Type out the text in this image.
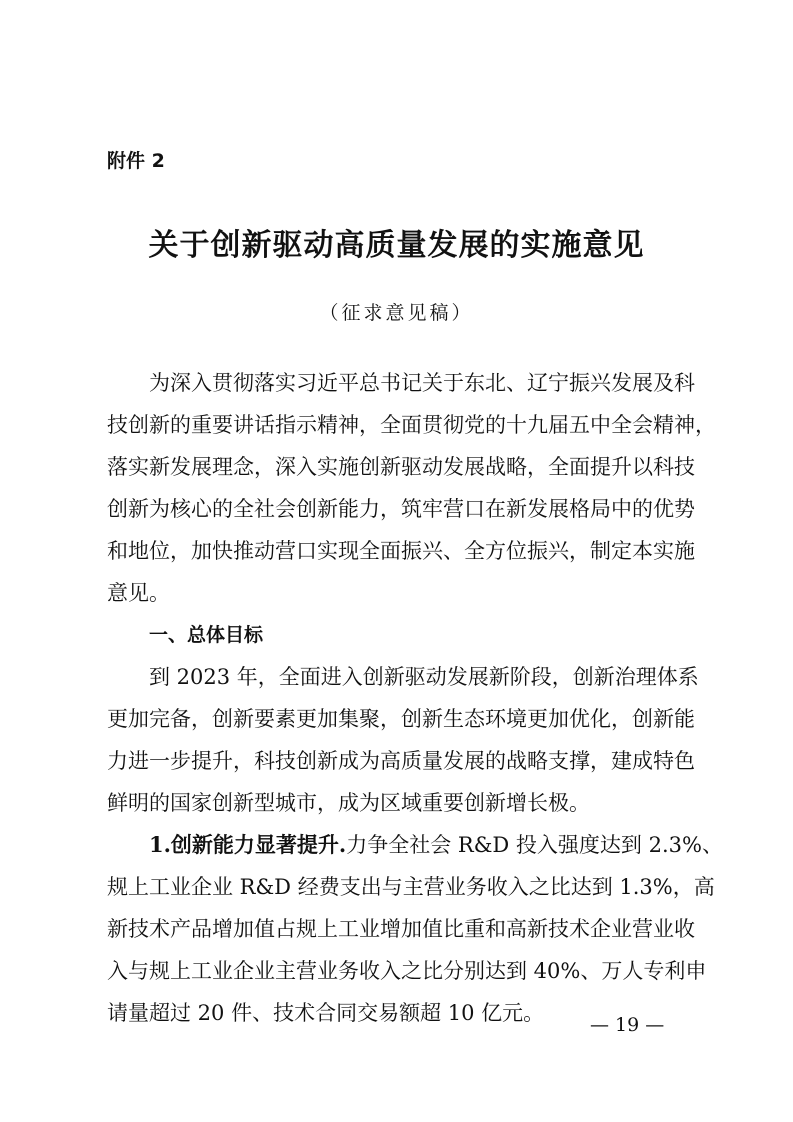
附件 2
关于创新驱动高质量发展的实施意见
（征求意见稿）
为深入贯彻落实习近平总书记关于东北、辽宁振兴发展及科
技创新的重要讲话指示精神，全面贯彻党的十九届五中全会精神，
落实新发展理念，深入实施创新驱动发展战略，全面提升以科技
创新为核心的全社会创新能力，筑牢营口在新发展格局中的优势
和地位，加快推动营口实现全面振兴、全方位振兴，制定本实施
意见。
一、总体目标
到 2023 年，全面进入创新驱动发展新阶段，创新治理体系
更加完备，创新要素更加集聚，创新生态环境更加优化，创新能
力进一步提升，科技创新成为高质量发展的战略支撑，建成特色
鲜明的国家创新型城市，成为区域重要创新增长极。
1.创新能力显著提升.力争全社会 R&D 投入强度达到 2.3%、
规上工业企业 R&D 经费支出与主营业务收入之比达到 1.3%，高
新技术产品增加值占规上工业增加值比重和高新技术企业营业收
入与规上工业企业主营业务收入之比分别达到 40%、万人专利申
请量超过 20 件、技术合同交易额超 10 亿元。	— 19 —
